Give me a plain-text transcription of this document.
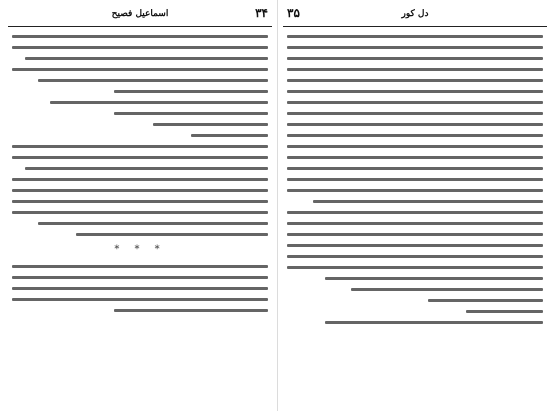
۳۴
اسماعیل فصیح
* * *
۳۵	دل کور
